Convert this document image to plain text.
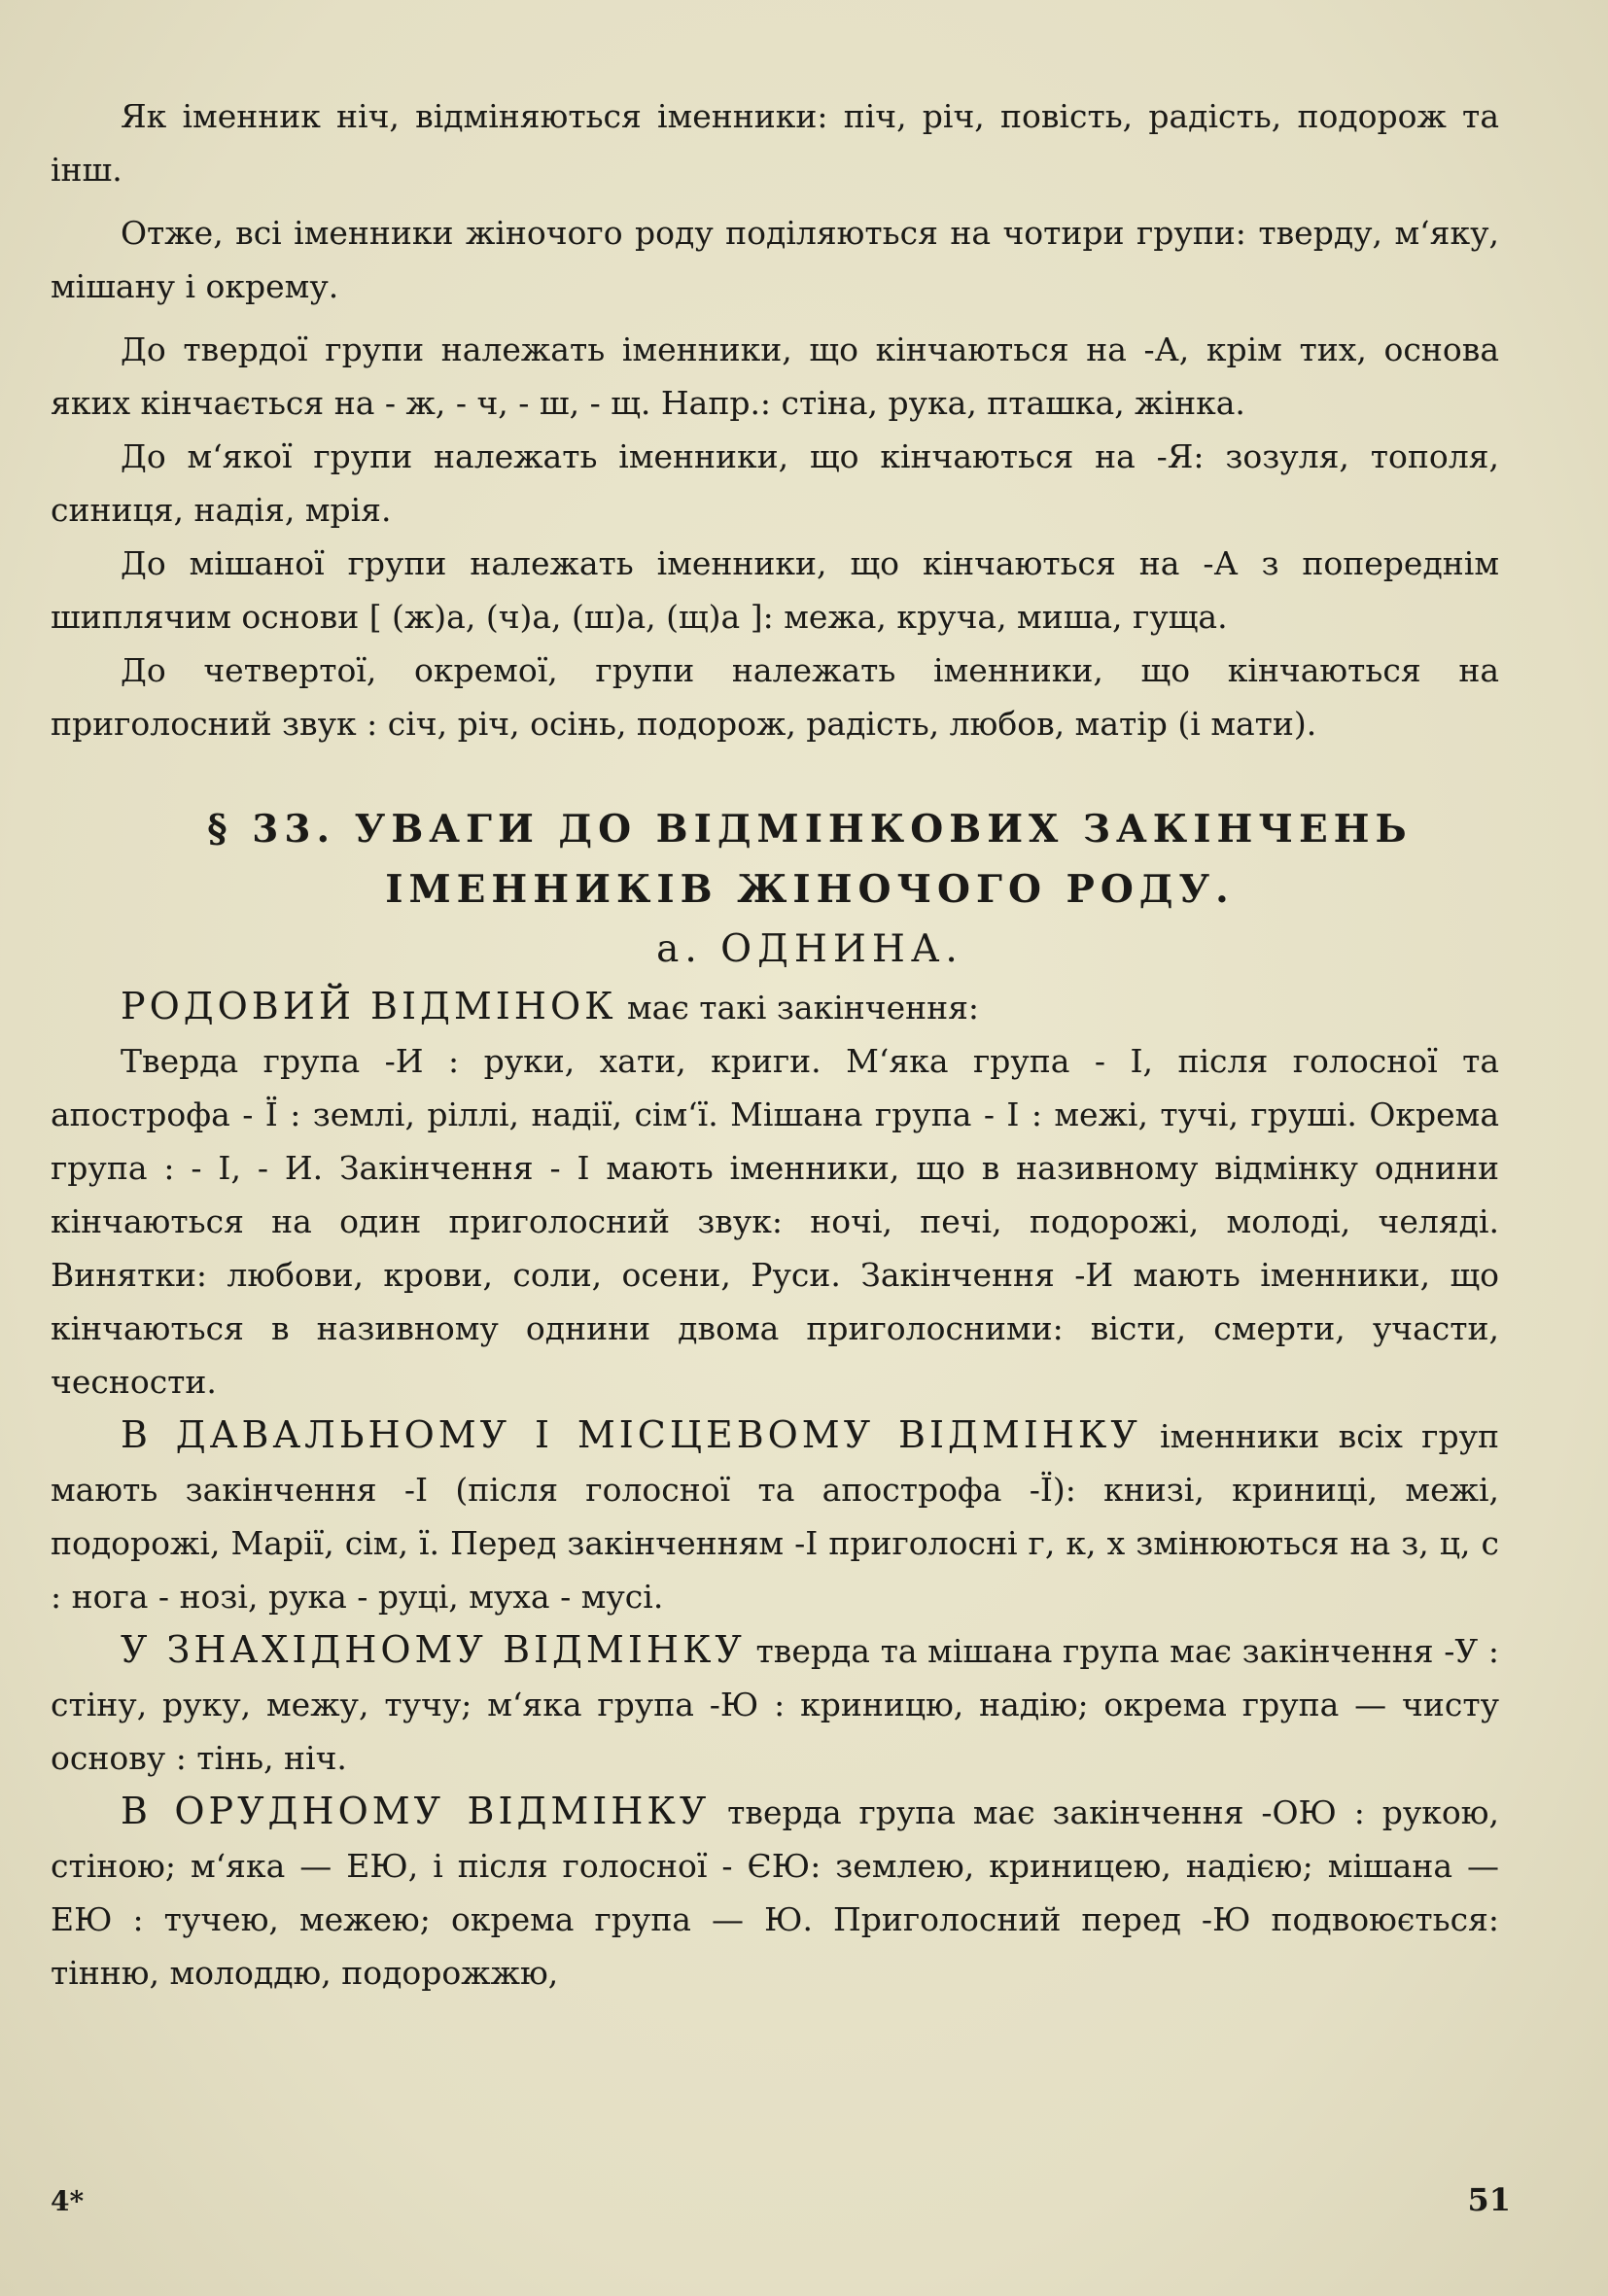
Як іменник ніч, відміняються іменники: піч, річ, повість, радість, подорож та інш.

Отже, всі іменники жіночого роду поділяються на чотири групи: тверду, м‘яку, мішану і окрему.

До твердої групи належать іменники, що кінчаються на -А, крім тих, основа яких кінчається на - ж, - ч, - ш, - щ. Напр.: стіна, рука, пташка, жінка.

До м‘якої групи належать іменники, що кінчаються на -Я: зозуля, тополя, синиця, надія, мрія.

До мішаної групи належать іменники, що кінчаються на -А з попереднім шиплячим основи [ (ж)а, (ч)а, (ш)а, (щ)а ]: межа, круча, миша, гуща.

До четвертої, окремої, групи належать іменники, що кінчаються на приголосний звук : січ, річ, осінь, подорож, радість, любов, матір (і мати).

§ 33. УВАГИ ДО ВІДМІНКОВИХ ЗАКІНЧЕНЬ

ІМЕННИКІВ ЖІНОЧОГО РОДУ.

а. ОДНИНА.

РОДОВИЙ ВІДМІНОК має такі закінчення:

Тверда група -И : руки, хати, криги. М‘яка група - І, після голосної та апострофа - Ї : землі, ріллі, надії, сім‘ї. Мішана група - І : межі, тучі, груші. Окрема група : - І, - И. Закінчення - І мають іменники, що в називному відмінку однини кінчаються на один приголосний звук: ночі, печі, подорожі, молоді, челяді. Винятки: любови, крови, соли, осени, Руси. Закінчення -И мають іменники, що кінчаються в називному однини двома приголосними: вісти, смерти, участи, чесности.

В ДАВАЛЬНОМУ І МІСЦЕВОМУ ВІДМІНКУ іменники всіх груп мають закінчення -І (після голосної та апострофа -Ї): книзі, криниці, межі, подорожі, Марії, сім, ї. Перед закінченням -І приголосні г, к, х змінюються на з, ц, с : нога - нозі, рука - руці, муха - мусі.

У ЗНАХІДНОМУ ВІДМІНКУ тверда та мішана група має закінчення -У : стіну, руку, межу, тучу; м‘яка група -Ю : криницю, надію; окрема група — чисту основу : тінь, ніч.

В ОРУДНОМУ ВІДМІНКУ тверда група має закінчення -ОЮ : рукою, стіною; м‘яка — ЕЮ, і після голосної - ЄЮ: землею, криницею, надією; мішана — ЕЮ : тучею, межею; окрема група — Ю. Приголосний перед -Ю подвоюється: тінню, молоддю, подорожжю,

4*	51
